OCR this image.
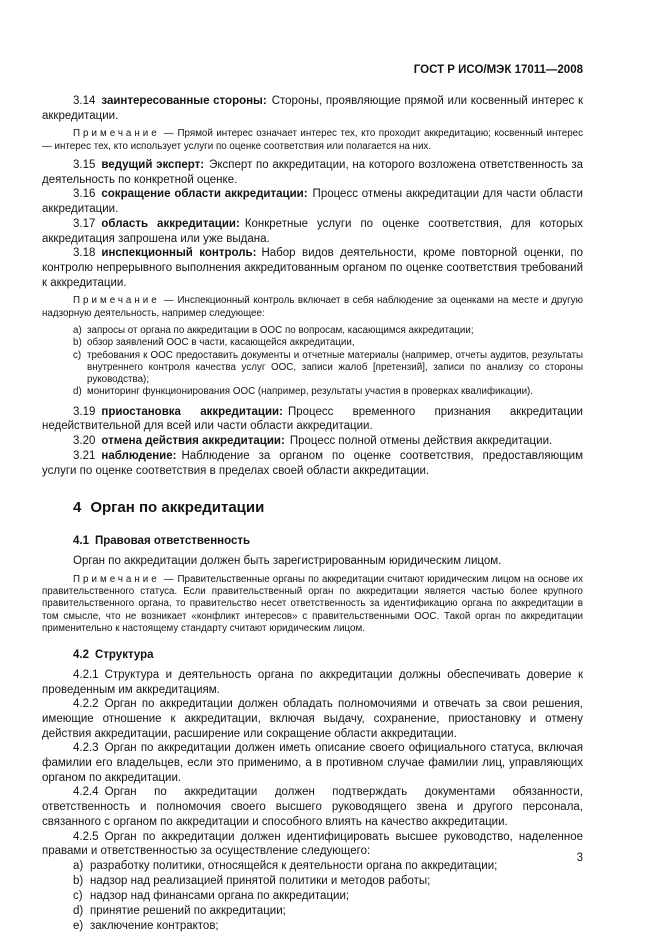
ГОСТ Р ИСО/МЭК 17011—2008

3.14 заинтересованные стороны: Стороны, проявляющие прямой или косвенный интерес к аккредитации.

Примечание — Прямой интерес означает интерес тех, кто проходит аккредитацию; косвенный интерес — интерес тех, кто использует услуги по оценке соответствия или полагается на них.

3.15 ведущий эксперт: Эксперт по аккредитации, на которого возложена ответственность за деятельность по конкретной оценке.

3.16 сокращение области аккредитации: Процесс отмены аккредитации для части области аккредитации.

3.17 область аккредитации: Конкретные услуги по оценке соответствия, для которых аккредитация запрошена или уже выдана.

3.18 инспекционный контроль: Набор видов деятельности, кроме повторной оценки, по контролю непрерывного выполнения аккредитованным органом по оценке соответствия требований к аккредитации.

Примечание — Инспекционный контроль включает в себя наблюдение за оценками на месте и другую надзорную деятельность, например следующее:

a) запросы от органа по аккредитации в ООС по вопросам, касающимся аккредитации;
b) обзор заявлений ООС в части, касающейся аккредитации,
c) требования к ООС предоставить документы и отчетные материалы (например, отчеты аудитов, результаты внутреннего контроля качества услуг ООС, записи жалоб [претензий], записи по анализу со стороны руководства);
d) мониторинг функционирования ООС (например, результаты участия в проверках квалификации).

3.19 приостановка аккредитации: Процесс временного признания аккредитации недействительной для всей или части области аккредитации.

3.20 отмена действия аккредитации: Процесс полной отмены действия аккредитации.

3.21 наблюдение: Наблюдение за органом по оценке соответствия, предоставляющим услуги по оценке соответствия в пределах своей области аккредитации.

4 Орган по аккредитации
4.1 Правовая ответственность

Орган по аккредитации должен быть зарегистрированным юридическим лицом.

Примечание — Правительственные органы по аккредитации считают юридическим лицом на основе их правительственного статуса. Если правительственный орган по аккредитации является частью более крупного правительственного органа, то правительство несет ответственность за идентификацию органа по аккредитации в том смысле, что не возникает «конфликт интересов» с правительственными ООС. Такой орган по аккредитации применительно к настоящему стандарту считают юридическим лицом.

4.2 Структура

4.2.1 Структура и деятельность органа по аккредитации должны обеспечивать доверие к проведенным им аккредитациям.

4.2.2 Орган по аккредитации должен обладать полномочиями и отвечать за свои решения, имеющие отношение к аккредитации, включая выдачу, сохранение, приостановку и отмену действия аккредитации, расширение или сокращение области аккредитации.

4.2.3 Орган по аккредитации должен иметь описание своего официального статуса, включая фамилии его владельцев, если это применимо, а в противном случае фамилии лиц, управляющих органом по аккредитации.

4.2.4 Орган по аккредитации должен подтверждать документами обязанности, ответственность и полномочия своего высшего руководящего звена и другого персонала, связанного с органом по аккредитации и способного влиять на качество аккредитации.

4.2.5 Орган по аккредитации должен идентифицировать высшее руководство, наделенное правами и ответственностью за осуществление следующего:

a) разработку политики, относящейся к деятельности органа по аккредитации;
b) надзор над реализацией принятой политики и методов работы;
c) надзор над финансами органа по аккредитации;
d) принятие решений по аккредитации;
e) заключение контрактов;
3
